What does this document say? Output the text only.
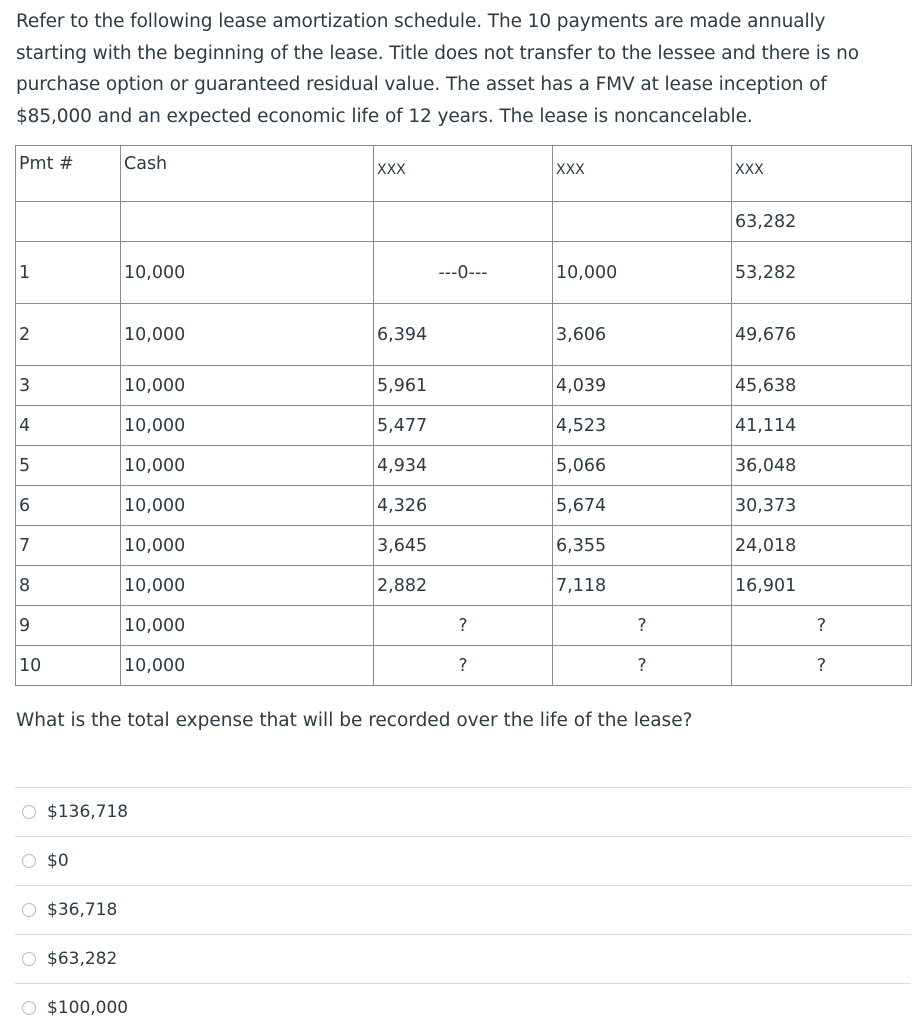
Refer to the following lease amortization schedule. The 10 payments are made annually starting with the beginning of the lease. Title does not transfer to the lessee and there is no purchase option or guaranteed residual value. The asset has a FMV at lease inception of $85,000 and an expected economic life of 12 years. The lease is noncancelable.

Pmt #	Cash	XXX	XXX	XXX
				63,282
1	10,000	---0---	10,000	53,282
2	10,000	6,394	3,606	49,676
3	10,000	5,961	4,039	45,638
4	10,000	5,477	4,523	41,114
5	10,000	4,934	5,066	36,048
6	10,000	4,326	5,674	30,373
7	10,000	3,645	6,355	24,018
8	10,000	2,882	7,118	16,901
9	10,000	?	?	?
10	10,000	?	?	?

What is the total expense that will be recorded over the life of the lease?

$136,718
$0
$36,718
$63,282
$100,000
